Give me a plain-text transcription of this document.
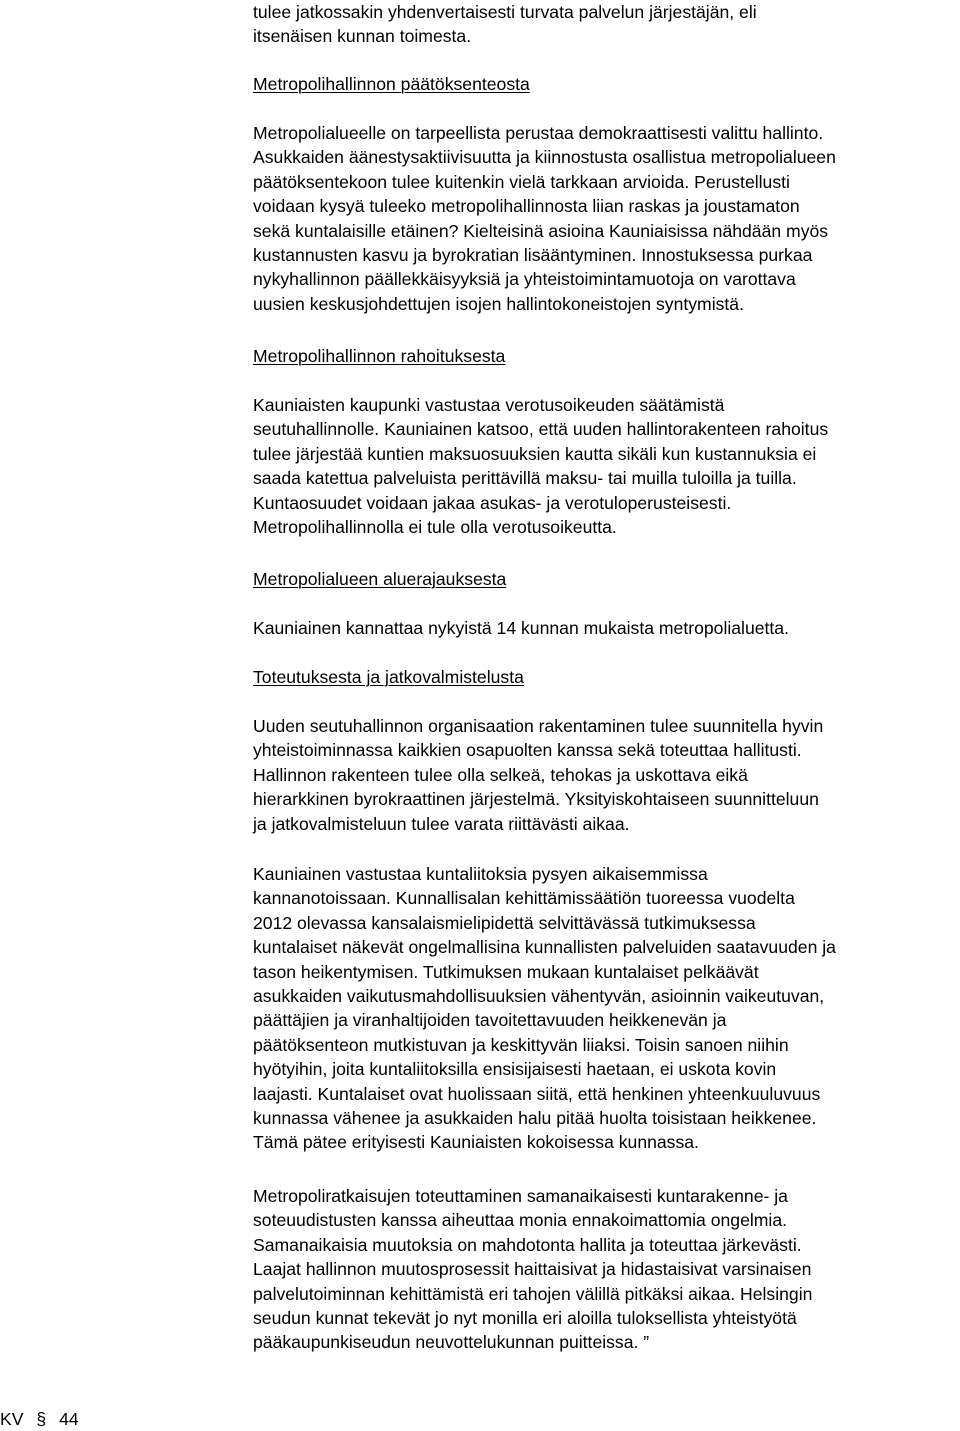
tulee jatkossakin yhdenvertaisesti turvata palvelun järjestäjän, eli
itsenäisen kunnan toimesta.
Metropolihallinnon päätöksenteosta
Metropolialueelle on tarpeellista perustaa demokraattisesti valittu hallinto.
Asukkaiden äänestysaktiivisuutta ja kiinnostusta osallistua metropolialueen
päätöksentekoon tulee kuitenkin vielä tarkkaan arvioida. Perustellusti
voidaan kysyä tuleeko metropolihallinnosta liian raskas ja joustamaton
sekä kuntalaisille etäinen? Kielteisinä asioina Kauniaisissa nähdään myös
kustannusten kasvu ja byrokratian lisääntyminen. Innostuksessa purkaa
nykyhallinnon päällekkäisyyksiä ja yhteistoimintamuotoja on varottava
uusien keskusjohdettujen isojen hallintokoneistojen syntymistä.
Metropolihallinnon rahoituksesta
Kauniaisten kaupunki vastustaa verotusoikeuden säätämistä
seutuhallinnolle. Kauniainen katsoo, että uuden hallintorakenteen rahoitus
tulee järjestää kuntien maksuosuuksien kautta sikäli kun kustannuksia ei
saada katettua palveluista perittävillä maksu- tai muilla tuloilla ja tuilla.
Kuntaosuudet voidaan jakaa asukas- ja verotuloperusteisesti.
Metropolihallinnolla ei tule olla verotusoikeutta.
Metropolialueen aluerajauksesta
Kauniainen kannattaa nykyistä 14 kunnan mukaista metropolialuetta.
Toteutuksesta ja jatkovalmistelusta
Uuden seutuhallinnon organisaation rakentaminen tulee suunnitella hyvin
yhteistoiminnassa kaikkien osapuolten kanssa sekä toteuttaa hallitusti.
Hallinnon rakenteen tulee olla selkeä, tehokas ja uskottava eikä
hierarkkinen byrokraattinen järjestelmä. Yksityiskohtaiseen suunnitteluun
ja jatkovalmisteluun tulee varata riittävästi aikaa.
Kauniainen vastustaa kuntaliitoksia pysyen aikaisemmissa
kannanotoissaan. Kunnallisalan kehittämissäätiön tuoreessa vuodelta
2012 olevassa kansalaismielipidettä selvittävässä tutkimuksessa
kuntalaiset näkevät ongelmallisina kunnallisten palveluiden saatavuuden ja
tason heikentymisen. Tutkimuksen mukaan kuntalaiset pelkäävät
asukkaiden vaikutusmahdollisuuksien vähentyvän, asioinnin vaikeutuvan,
päättäjien ja viranhaltijoiden tavoitettavuuden heikkenevän ja
päätöksenteon mutkistuvan ja keskittyvän liiaksi. Toisin sanoen niihin
hyötyihin, joita kuntaliitoksilla ensisijaisesti haetaan, ei uskota kovin
laajasti. Kuntalaiset ovat huolissaan siitä, että henkinen yhteenkuuluvuus
kunnassa vähenee ja asukkaiden halu pitää huolta toisistaan heikkenee.
Tämä pätee erityisesti Kauniaisten kokoisessa kunnassa.
Metropoliratkaisujen toteuttaminen samanaikaisesti kuntarakenne- ja
soteuudistusten kanssa aiheuttaa monia ennakoimattomia ongelmia.
Samanaikaisia muutoksia on mahdotonta hallita ja toteuttaa järkevästi.
Laajat hallinnon muutosprosessit haittaisivat ja hidastaisivat varsinaisen
palvelutoiminnan kehittämistä eri tahojen välillä pitkäksi aikaa. Helsingin
seudun kunnat tekevät jo nyt monilla eri aloilla tuloksellista yhteistyötä
pääkaupunkiseudun neuvottelukunnan puitteissa. ”
KV § 44
